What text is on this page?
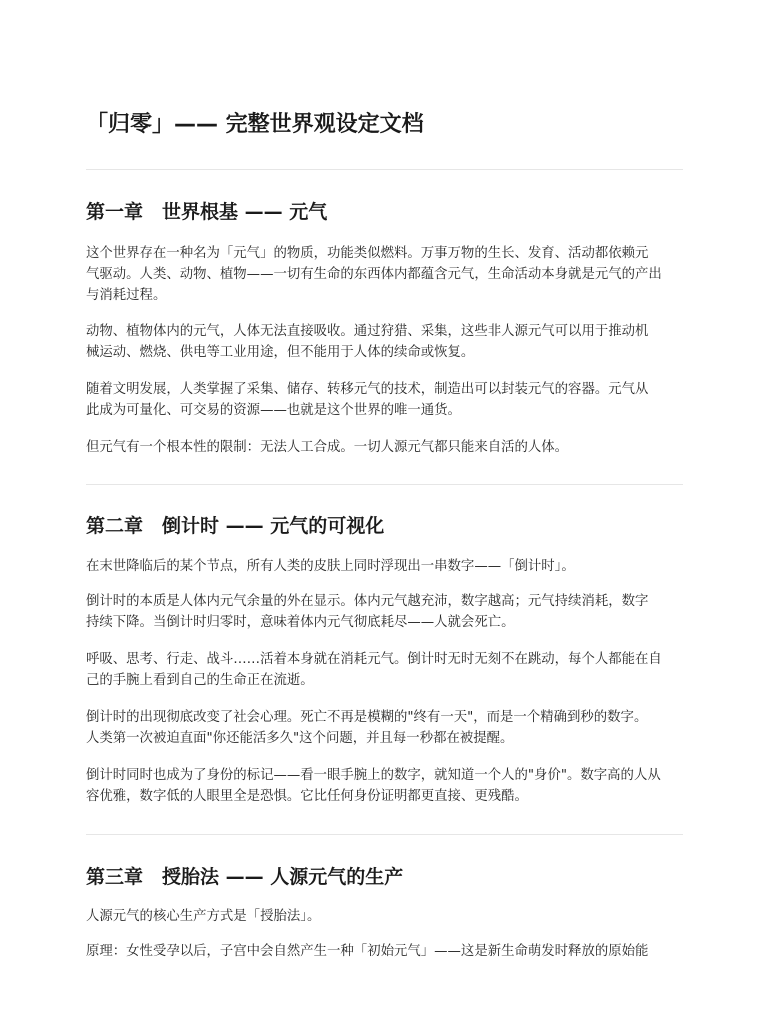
「归零」—— 完整世界观设定文档
第一章　世界根基 —— 元气

这个世界存在一种名为「元气」的物质，功能类似燃料。万事万物的生长、发育、活动都依赖元
气驱动。人类、动物、植物——一切有生命的东西体内都蕴含元气，生命活动本身就是元气的产出
与消耗过程。

动物、植物体内的元气，人体无法直接吸收。通过狩猎、采集，这些非人源元气可以用于推动机
械运动、燃烧、供电等工业用途，但不能用于人体的续命或恢复。

随着文明发展，人类掌握了采集、储存、转移元气的技术，制造出可以封装元气的容器。元气从
此成为可量化、可交易的资源——也就是这个世界的唯一通货。

但元气有一个根本性的限制：无法人工合成。一切人源元气都只能来自活的人体。

第二章　倒计时 —— 元气的可视化

在末世降临后的某个节点，所有人类的皮肤上同时浮现出一串数字——「倒计时」。

倒计时的本质是人体内元气余量的外在显示。体内元气越充沛，数字越高；元气持续消耗，数字
持续下降。当倒计时归零时，意味着体内元气彻底耗尽——人就会死亡。

呼吸、思考、行走、战斗……活着本身就在消耗元气。倒计时无时无刻不在跳动，每个人都能在自
己的手腕上看到自己的生命正在流逝。

倒计时的出现彻底改变了社会心理。死亡不再是模糊的"终有一天"，而是一个精确到秒的数字。
人类第一次被迫直面"你还能活多久"这个问题，并且每一秒都在被提醒。

倒计时同时也成为了身份的标记——看一眼手腕上的数字，就知道一个人的"身价"。数字高的人从
容优雅，数字低的人眼里全是恐惧。它比任何身份证明都更直接、更残酷。

第三章　授胎法 —— 人源元气的生产

人源元气的核心生产方式是「授胎法」。

原理：女性受孕以后，子宫中会自然产生一种「初始元气」——这是新生命萌发时释放的原始能
